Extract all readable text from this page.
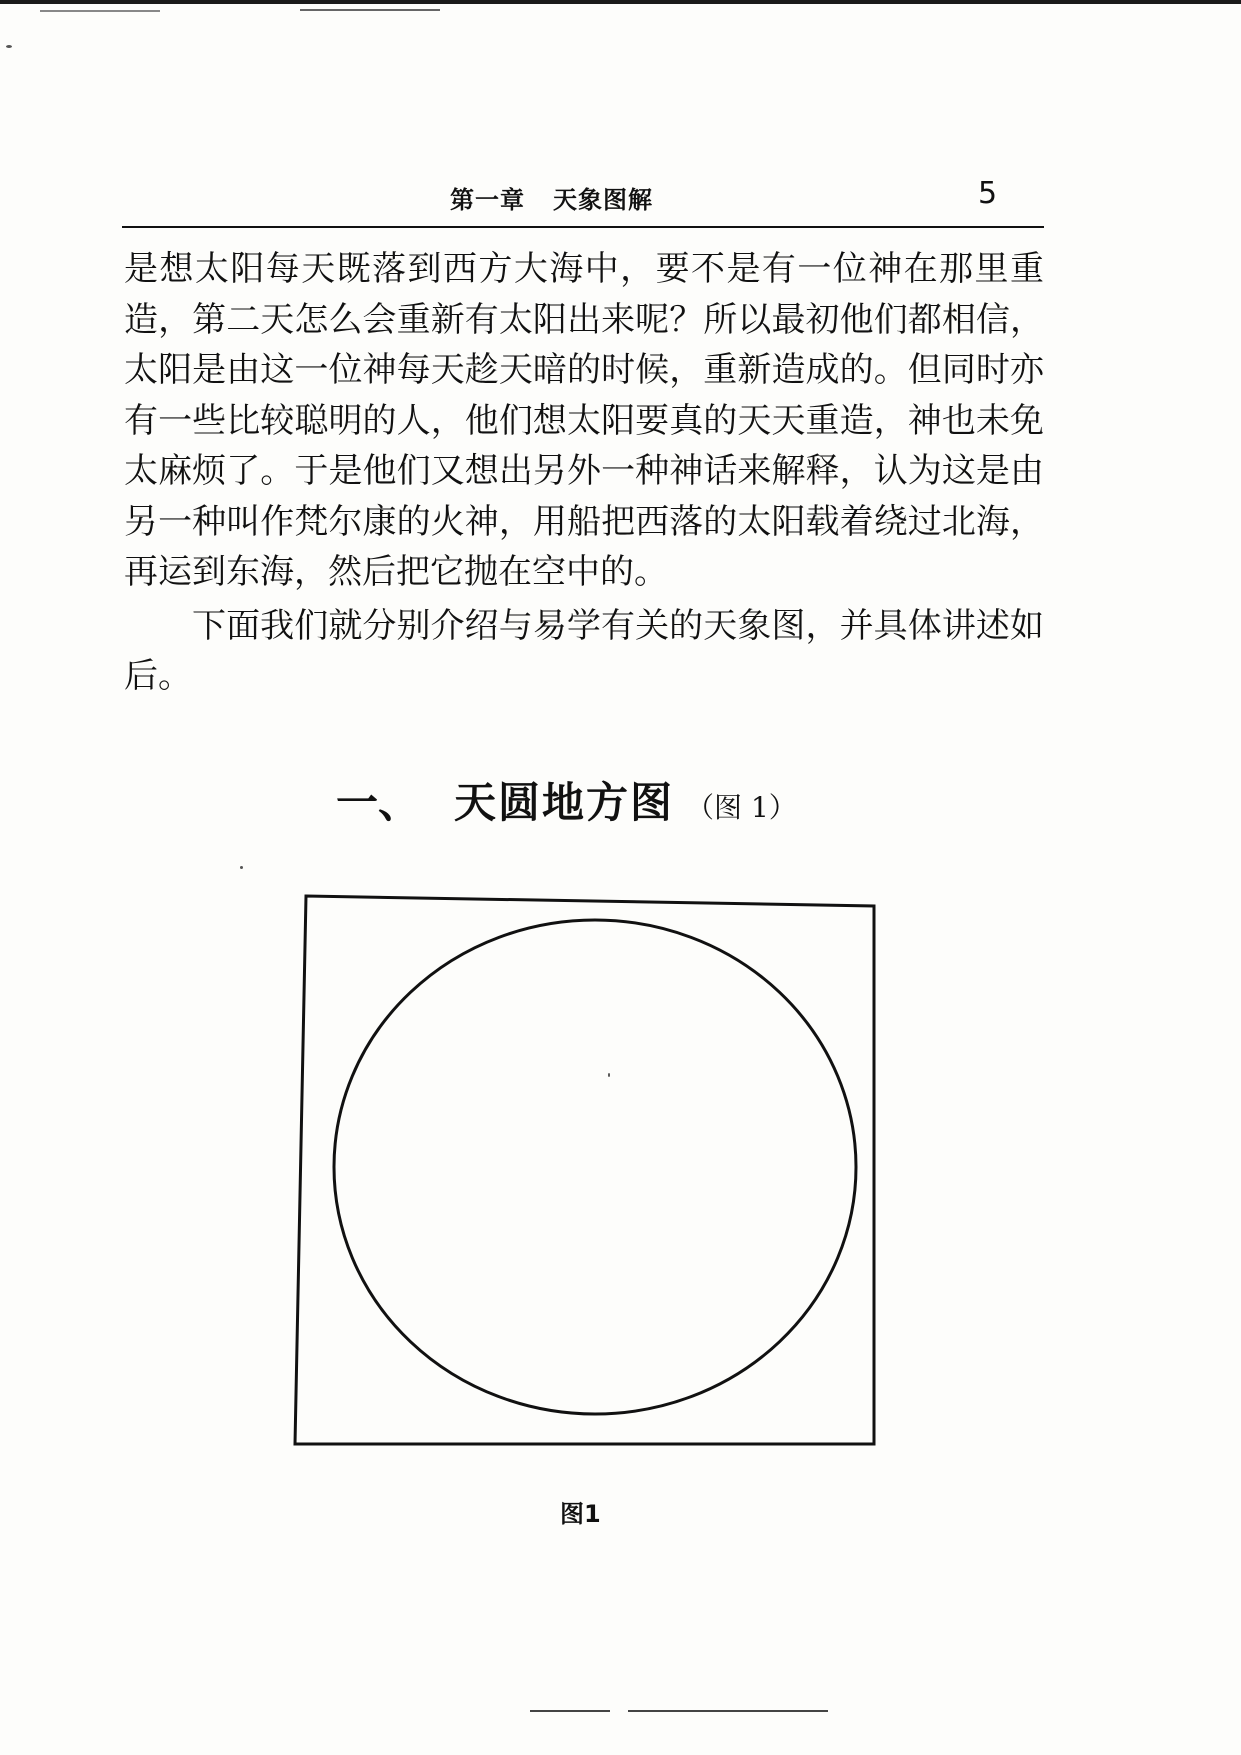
第一章 天象图解	5

是想太阳每天既落到西方大海中，要不是有一位神在那里重造，第二天怎么会重新有太阳出来呢？所以最初他们都相信，太阳是由这一位神每天趁天暗的时候，重新造成的。但同时亦有一些比较聪明的人，他们想太阳要真的天天重造，神也未免太麻烦了。于是他们又想出另外一种神话来解释，认为这是由另一种叫作梵尔康的火神，用船把西落的太阳载着绕过北海，再运到东海，然后把它抛在空中的。

下面我们就分别介绍与易学有关的天象图，并具体讲述如后。

一、 天圆地方图 （图 1）
图1
